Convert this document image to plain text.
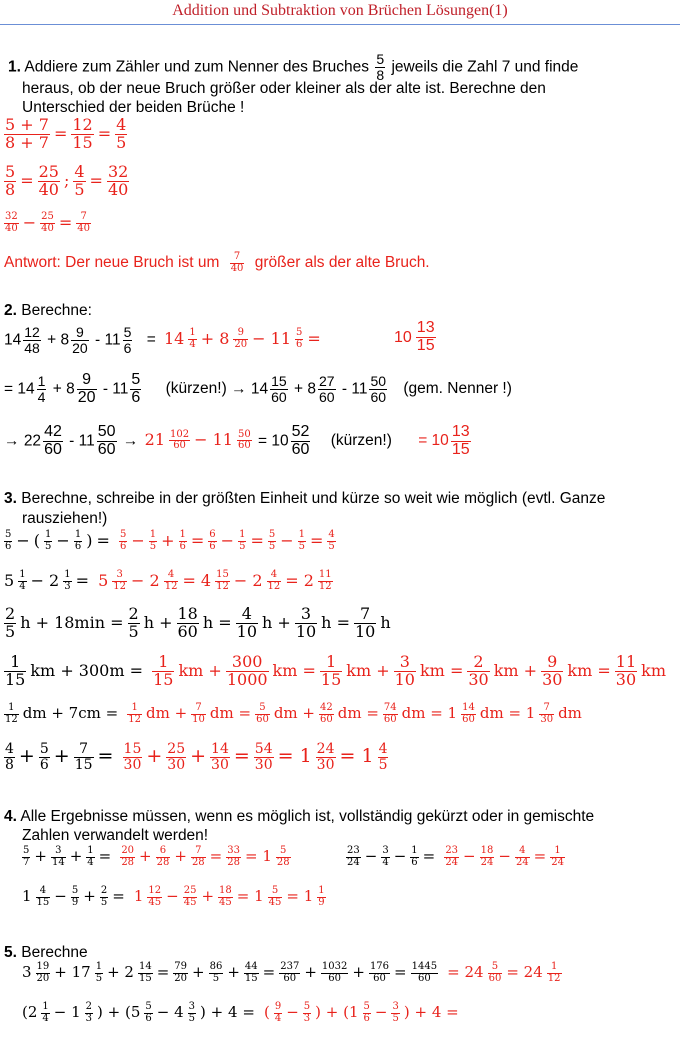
Addition und Subtraktion von Brüchen Lösungen(1)
1. Addiere zum Zähler und zum Nenner des Bruches $\frac{5}{8}$ jeweils die Zahl 7 und finde
heraus, ob der neue Bruch größer oder kleiner als der alte ist. Berechne den
Unterschied der beiden Brüche !
$\frac{5 + 7}{8 + 7} = \frac{12}{15} = \frac{4}{5}$
$\frac{5}{8} = \frac{25}{40}$ ; $\frac{4}{5} = \frac{32}{40}$
$\frac{32}{40} - \frac{25}{40} = \frac{7}{40}$
Antwort: Der neue Bruch ist um $\frac{7}{40}$ größer als der alte Bruch.
2. Berechne:
$14 \frac{12}{48} + 8 \frac{9}{20} - 11 \frac{5}{6} = 14 \frac{1}{4} + 8 \frac{9}{20} - 11 \frac{5}{6}$ =	$10 \frac{13}{15}$
= $14 \frac{1}{4} + 8 \frac{9}{20} - 11 \frac{5}{6}$ (kürzen!) → $14 \frac{15}{60} + 8 \frac{27}{60} - 11 \frac{50}{60} (gem$. Nenner !)
→ $22 \frac{42}{60} - 11 \frac{50}{60} \to 21 \frac{102}{60} - 11 \frac{50}{60} = 10 \frac{52}{60}$ (kürzen!) = $10 \frac{13}{15}$
3. Berechne, schreibe in der größten Einheit und kürze so weit wie möglich (evtl. Ganze
rausziehen!)
$\frac{5}{6}$ − ( $\frac{1}{5} - \frac{1}{6}$ ) = $\frac{5}{6} - \frac{1}{5} + \frac{1}{6} = \frac{6}{6} - \frac{1}{5} = \frac{5}{5} - \frac{1}{5} = \frac{4}{5}$
$5 \frac{1}{4} - 2 \frac{1}{3} = 5 \frac{3}{12} - 2 \frac{4}{12} = 4 \frac{15}{12} - 2 \frac{4}{12} = 2 \frac{11}{12}$
$\frac{2}{5}$ $h + 18\min = \frac{2}{5}$ $h + \frac{18}{60}$ $h = \frac{4}{10}$ $h + \frac{3}{10}$ $h = \frac{7}{10}$ h
$\frac{1}{15}$ km + $300m = \frac{1}{15}$ km + $\frac{300}{1000}$ km = $\frac{1}{15}$ km + $\frac{3}{10}$ km = $\frac{2}{30}$ km + $\frac{9}{30}$ km = $\frac{11}{30}$ km
$\frac{1}{12}$ dm + $7cm = \frac{1}{12}$ dm + $\frac{7}{10}$ dm = $\frac{5}{60}$ dm + $\frac{42}{60}$ dm = $\frac{74}{60}$ dm = $1 \frac{14}{60}$ dm = $1 \frac{7}{30}$ dm
$\frac{4}{8} + \frac{5}{6} + \frac{7}{15} = \frac{15}{30} + \frac{25}{30} + \frac{14}{30} = \frac{54}{30} = 1 \frac{24}{30} = 1 \frac{4}{5}$
4. Alle Ergebnisse müssen, wenn es möglich ist, vollständig gekürzt oder in gemischte
Zahlen verwandelt werden!
$\frac{5}{7} + \frac{3}{14} + \frac{1}{4} = \frac{20}{28} + \frac{6}{28} + \frac{7}{28} = \frac{33}{28} = 1 \frac{5}{28}$	$\frac{23}{24} - \frac{3}{4} - \frac{1}{6} = \frac{23}{24} - \frac{18}{24} - \frac{4}{24} = \frac{1}{24}$
$1 \frac{4}{15} - \frac{5}{9} + \frac{2}{5} = 1 \frac{12}{45} - \frac{25}{45} + \frac{18}{45} = 1 \frac{5}{45} = 1 \frac{1}{9}$
5. Berechne
$3 \frac{19}{20} + 17 \frac{1}{5} + 2 \frac{14}{15} = \frac{79}{20} + \frac{86}{5} + \frac{44}{15} = \frac{237}{60} + \frac{1032}{60} + \frac{176}{60} = \frac{1445}{60} = 24 \frac{5}{60} = 24 \frac{1}{12}$
($2 \frac{1}{4} - 1 \frac{2}{3}$ ) + ($5 \frac{5}{6} - 4 \frac{3}{5}$ ) + 4 = ( $\frac{9}{4} - \frac{5}{3}$ ) + ($1 \frac{5}{6} - \frac{3}{5}$ ) + 4 =
